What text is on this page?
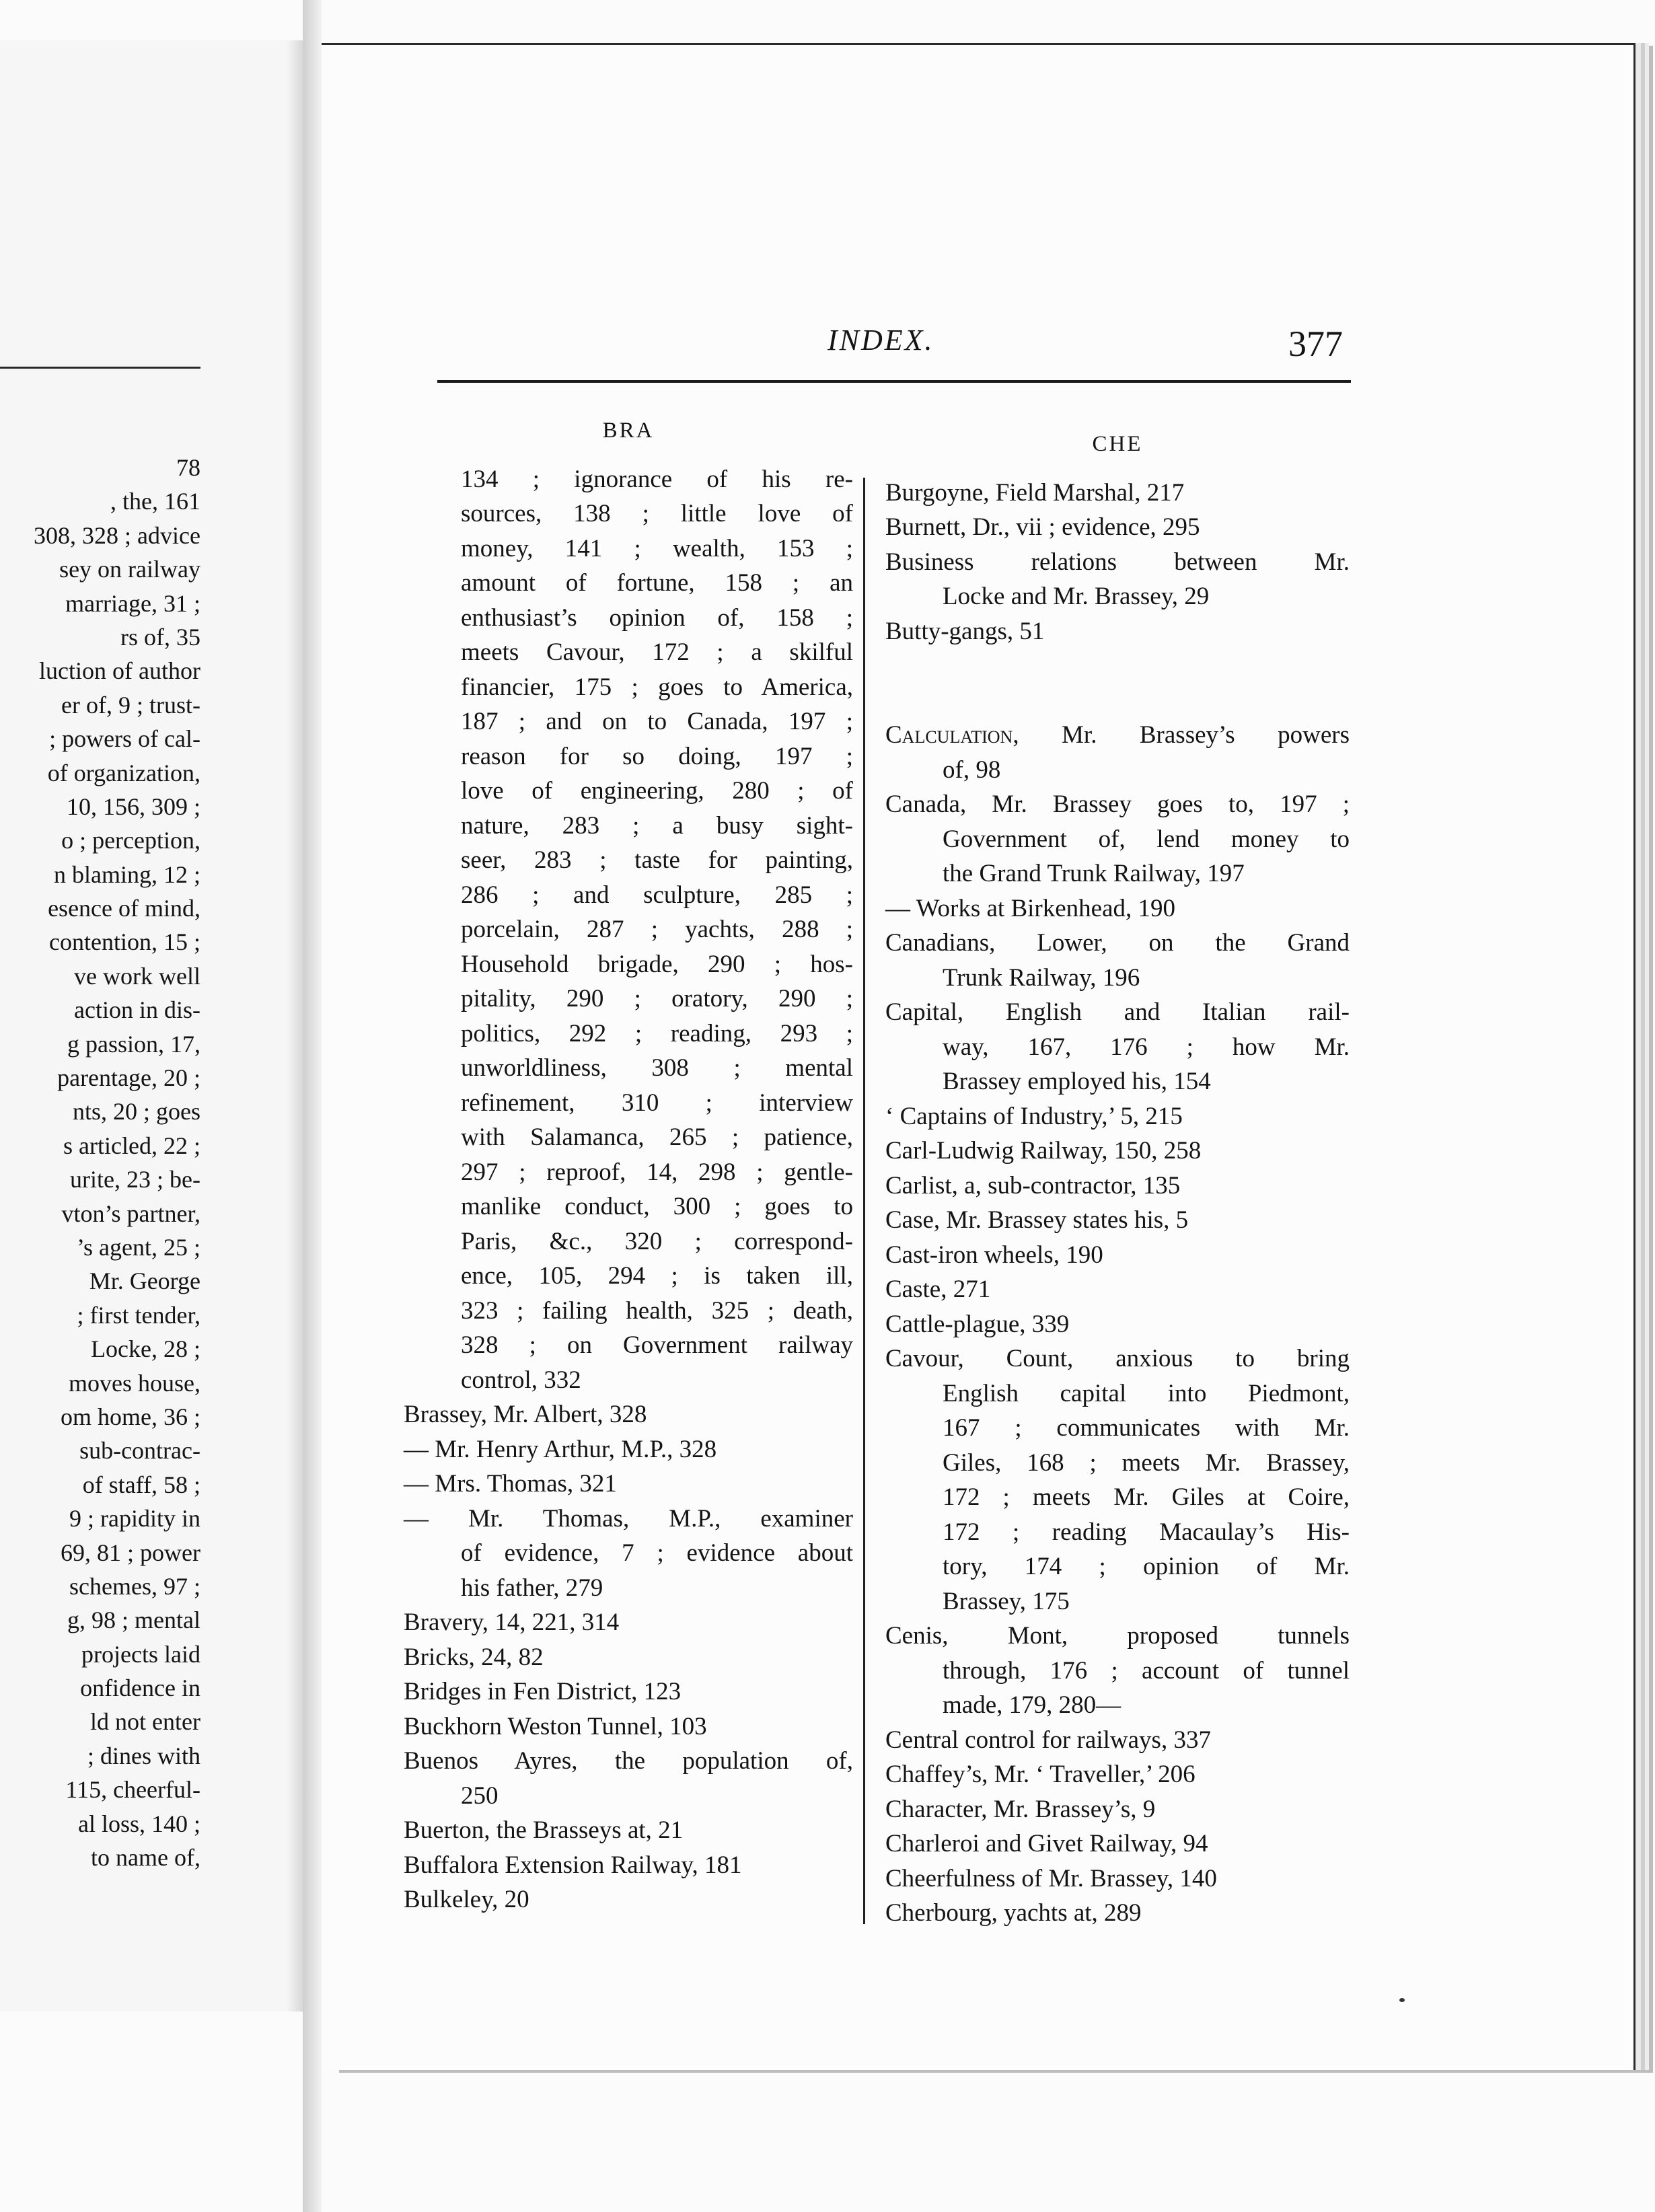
78
, the, 161
308, 328 ; advice
sey on railway
marriage, 31 ;
rs of, 35
luction of author
er of, 9 ; trust-
; powers of cal-
of organization,
10, 156, 309 ;
o ; perception,
n blaming, 12 ;
esence of mind,
contention, 15 ;
ve work well
action in dis-
g passion, 17,
parentage, 20 ;
nts, 20 ; goes
s articled, 22 ;
urite, 23 ; be-
vton’s partner,
’s agent, 25 ;
Mr. George
; first tender,
Locke, 28 ;
moves house,
om home, 36 ;
sub-contrac-
of staff, 58 ;
9 ; rapidity in
69, 81 ; power
schemes, 97 ;
g, 98 ; mental
projects laid
onfidence in
ld not enter
; dines with
115, cheerful-
al loss, 140 ;
to name of,
INDEX.	377
BRA
134 ; ignorance of his re-
sources, 138 ; little love of
money, 141 ; wealth, 153 ;
amount of fortune, 158 ; an
enthusiast’s opinion of, 158 ;
meets Cavour, 172 ; a skilful
financier, 175 ; goes to America,
187 ; and on to Canada, 197 ;
reason for so doing, 197 ;
love of engineering, 280 ; of
nature, 283 ; a busy sight-
seer, 283 ; taste for painting,
286 ; and sculpture, 285 ;
porcelain, 287 ; yachts, 288 ;
Household brigade, 290 ; hos-
pitality, 290 ; oratory, 290 ;
politics, 292 ; reading, 293 ;
unworldliness, 308 ; mental
refinement, 310 ; interview
with Salamanca, 265 ; patience,
297 ; reproof, 14, 298 ; gentle-
manlike conduct, 300 ; goes to
Paris, &c., 320 ; correspond-
ence, 105, 294 ; is taken ill,
323 ; failing health, 325 ; death,
328 ; on Government railway
control, 332
Brassey, Mr. Albert, 328
— Mr. Henry Arthur, M.P., 328
— Mrs. Thomas, 321
— Mr. Thomas, M.P., examiner
of evidence, 7 ; evidence about
his father, 279
Bravery, 14, 221, 314
Bricks, 24, 82
Bridges in Fen District, 123
Buckhorn Weston Tunnel, 103
Buenos Ayres, the population of,
250
Buerton, the Brasseys at, 21
Buffalora Extension Railway, 181
Bulkeley, 20
CHE
Burgoyne, Field Marshal, 217
Burnett, Dr., vii ; evidence, 295
Business relations between Mr.
Locke and Mr. Brassey, 29
Butty-gangs, 51
Calculation, Mr. Brassey’s powers
of, 98
Canada, Mr. Brassey goes to, 197 ;
Government of, lend money to
the Grand Trunk Railway, 197
— Works at Birkenhead, 190
Canadians, Lower, on the Grand
Trunk Railway, 196
Capital, English and Italian rail-
way, 167, 176 ; how Mr.
Brassey employed his, 154
‘ Captains of Industry,’ 5, 215
Carl-Ludwig Railway, 150, 258
Carlist, a, sub-contractor, 135
Case, Mr. Brassey states his, 5
Cast-iron wheels, 190
Caste, 271
Cattle-plague, 339
Cavour, Count, anxious to bring
English capital into Piedmont,
167 ; communicates with Mr.
Giles, 168 ; meets Mr. Brassey,
172 ; meets Mr. Giles at Coire,
172 ; reading Macaulay’s His-
tory, 174 ; opinion of Mr.
Brassey, 175
Cenis, Mont, proposed tunnels
through, 176 ; account of tunnel
made, 179, 280—
Central control for railways, 337
Chaffey’s, Mr. ‘ Traveller,’ 206
Character, Mr. Brassey’s, 9
Charleroi and Givet Railway, 94
Cheerfulness of Mr. Brassey, 140
Cherbourg, yachts at, 289
